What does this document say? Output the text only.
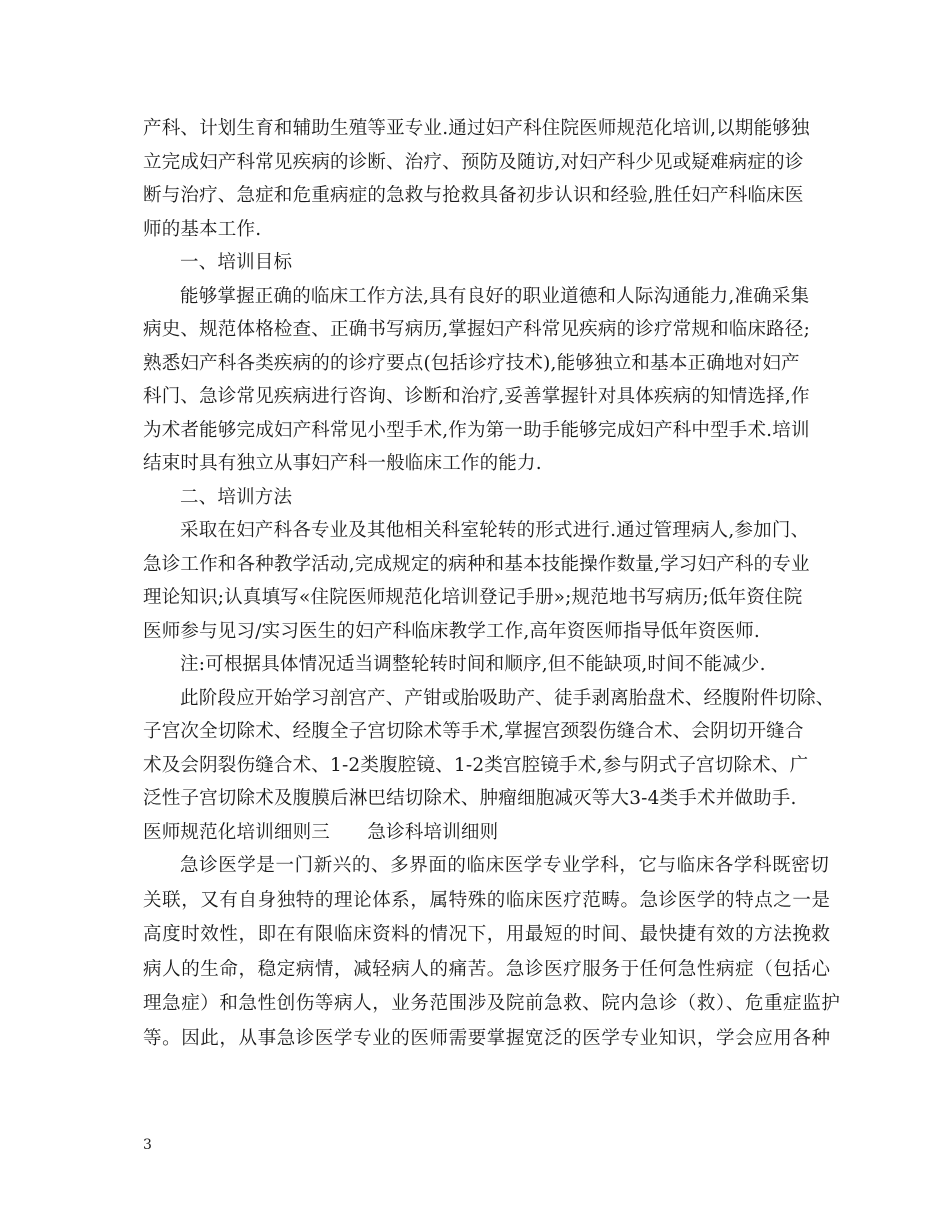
产科、计划生育和辅助生殖等亚专业.通过妇产科住院医师规范化培训,以期能够独
立完成妇产科常见疾病的诊断、治疗、预防及随访,对妇产科少见或疑难病症的诊
断与治疗、急症和危重病症的急救与抢救具备初步认识和经验,胜任妇产科临床医
师的基本工作.
一、培训目标
能够掌握正确的临床工作方法,具有良好的职业道德和人际沟通能力,准确采集
病史、规范体格检查、正确书写病历,掌握妇产科常见疾病的诊疗常规和临床路径;
熟悉妇产科各类疾病的的诊疗要点(包括诊疗技术),能够独立和基本正确地对妇产
科门、急诊常见疾病进行咨询、诊断和治疗,妥善掌握针对具体疾病的知情选择,作
为术者能够完成妇产科常见小型手术,作为第一助手能够完成妇产科中型手术.培训
结束时具有独立从事妇产科一般临床工作的能力.
二、培训方法
采取在妇产科各专业及其他相关科室轮转的形式进行.通过管理病人,参加门、
急诊工作和各种教学活动,完成规定的病种和基本技能操作数量,学习妇产科的专业
理论知识;认真填写«住院医师规范化培训登记手册»;规范地书写病历;低年资住院
医师参与见习/实习医生的妇产科临床教学工作,高年资医师指导低年资医师.
注:可根据具体情况适当调整轮转时间和顺序,但不能缺项,时间不能减少.
此阶段应开始学习剖宫产、产钳或胎吸助产、徒手剥离胎盘术、经腹附件切除、
子宫次全切除术、经腹全子宫切除术等手术,掌握宫颈裂伤缝合术、会阴切开缝合
术及会阴裂伤缝合术、1-2类腹腔镜、1-2类宫腔镜手术,参与阴式子宫切除术、广
泛性子宫切除术及腹膜后淋巴结切除术、肿瘤细胞减灭等大3-4类手术并做助手.
医师规范化培训细则三　　急诊科培训细则
急诊医学是一门新兴的、多界面的临床医学专业学科，它与临床各学科既密切
关联，又有自身独特的理论体系，属特殊的临床医疗范畴。急诊医学的特点之一是
高度时效性，即在有限临床资料的情况下，用最短的时间、最快捷有效的方法挽救
病人的生命，稳定病情，减轻病人的痛苦。急诊医疗服务于任何急性病症（包括心
理急症）和急性创伤等病人，业务范围涉及院前急救、院内急诊（救）、危重症监护
等。因此，从事急诊医学专业的医师需要掌握宽泛的医学专业知识，学会应用各种
3
